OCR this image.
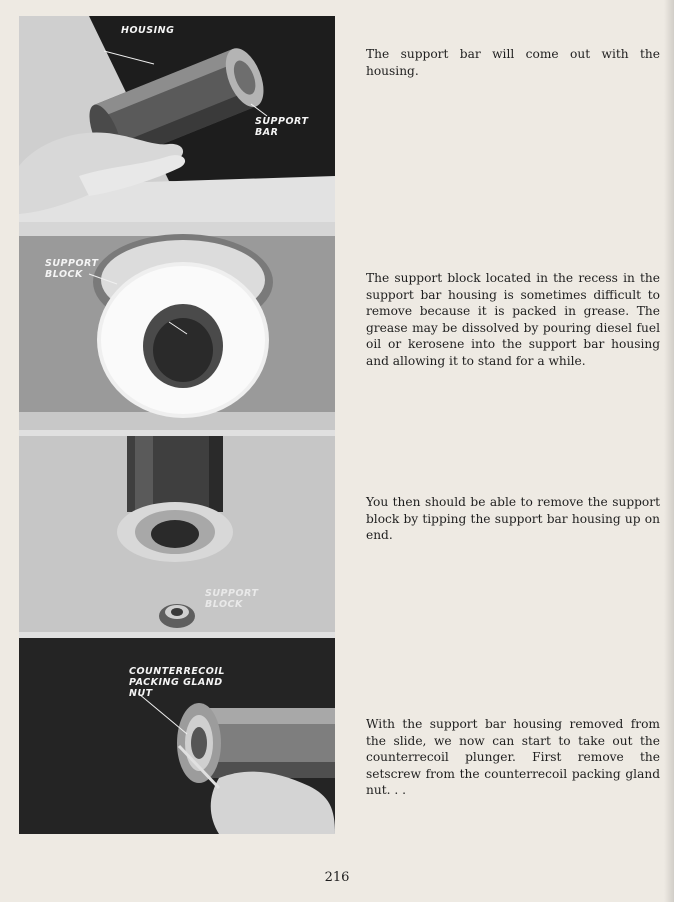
HOUSING
SUPPORT
BAR
SUPPORT
BLOCK
SUPPORT
BLOCK
COUNTERRECOIL
PACKING GLAND
NUT

The support bar will come out with the housing.

The support block located in the recess in the support bar housing is sometimes difficult to remove because it is packed in grease. The grease may be dissolved by pouring diesel fuel oil or kerosene into the support bar housing and allowing it to stand for a while.

You then should be able to remove the support block by tipping the support bar housing up on end.

With the support bar housing removed from the slide, we now can start to take out the counterrecoil plunger. First remove the setscrew from the counterrecoil packing gland nut. . .

216
